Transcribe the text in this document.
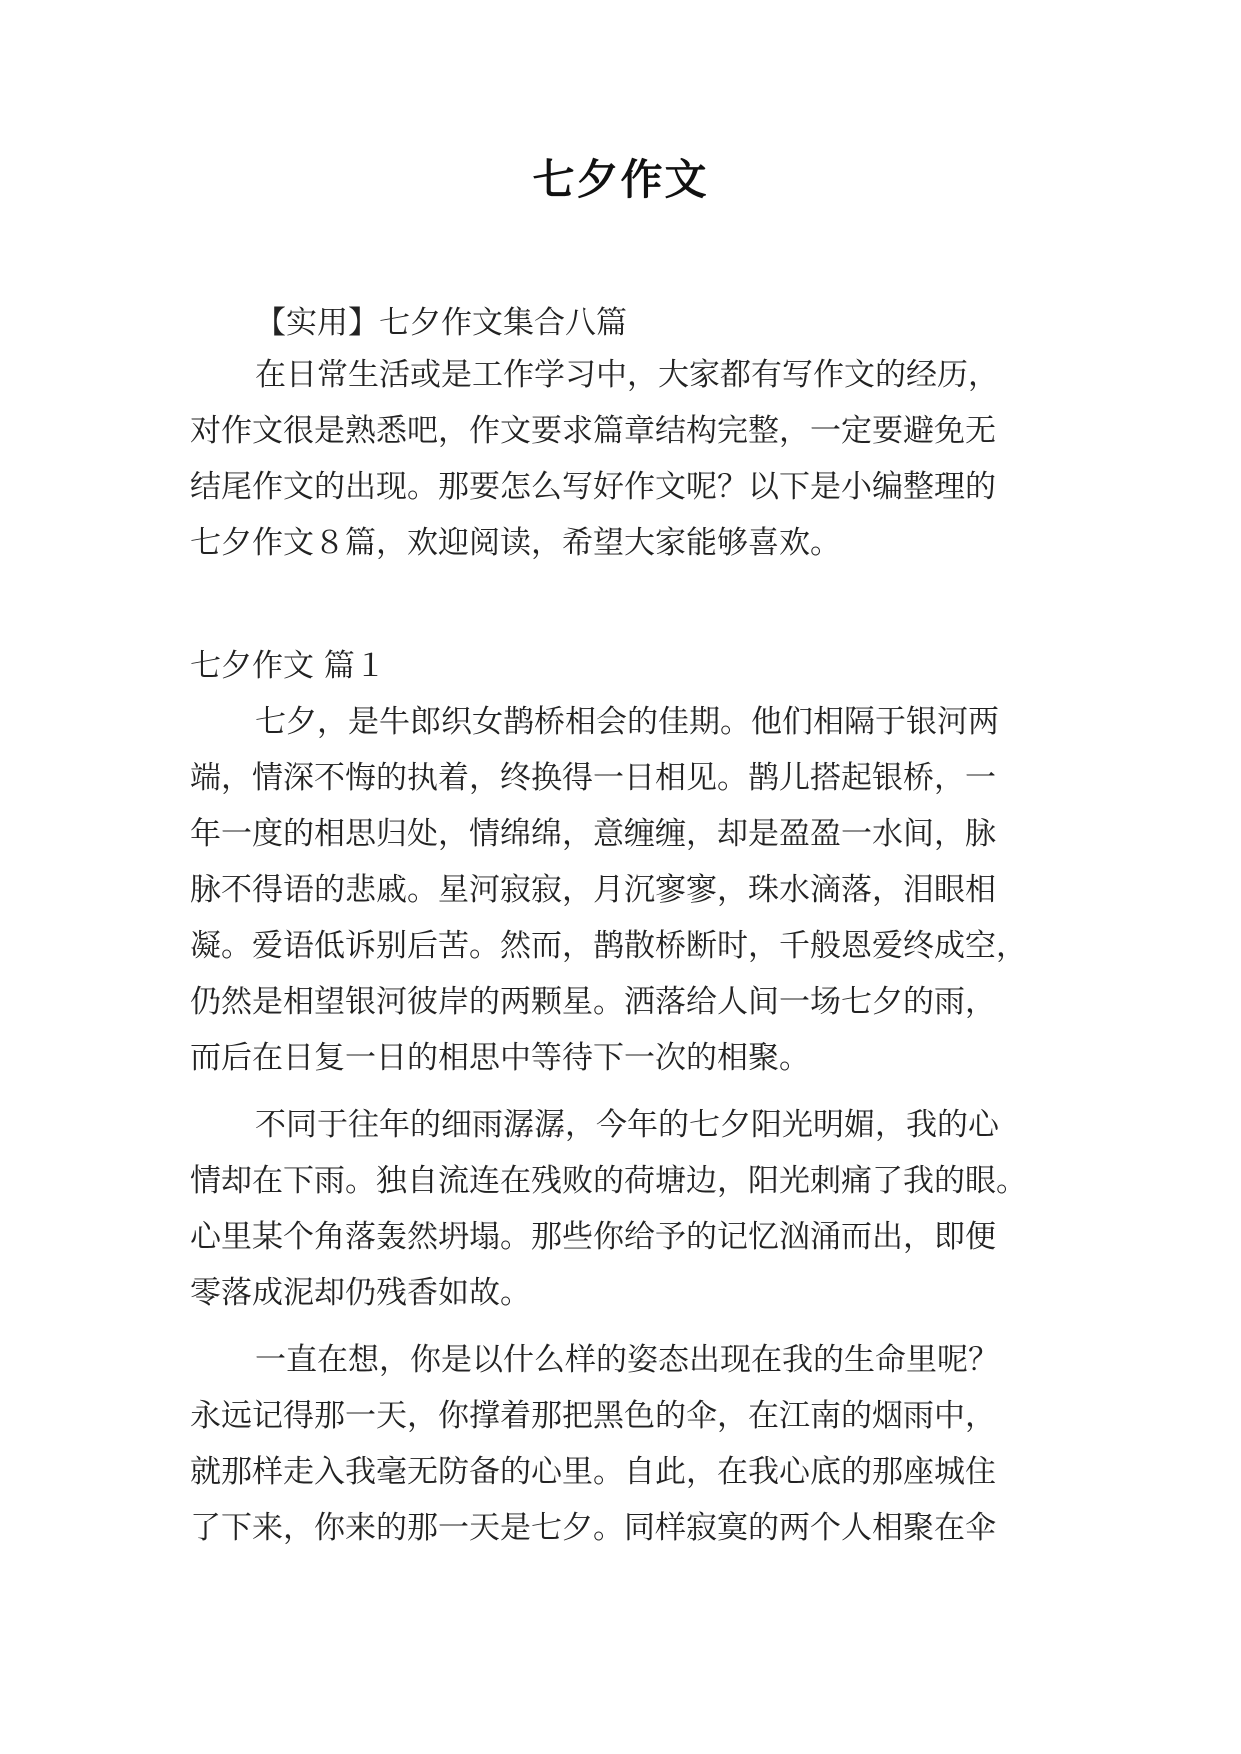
七夕作文
【实用】七夕作文集合八篇
在日常生活或是工作学习中，大家都有写作文的经历，
对作文很是熟悉吧，作文要求篇章结构完整，一定要避免无
结尾作文的出现。那要怎么写好作文呢？以下是小编整理的
七夕作文８篇，欢迎阅读，希望大家能够喜欢。
七夕作文 篇１
七夕，是牛郎织女鹊桥相会的佳期。他们相隔于银河两
端，情深不悔的执着，终换得一日相见。鹊儿搭起银桥，一
年一度的相思归处，情绵绵，意缠缠，却是盈盈一水间，脉
脉不得语的悲戚。星河寂寂，月沉寥寥，珠水滴落，泪眼相
凝。爱语低诉别后苦。然而，鹊散桥断时，千般恩爱终成空，
仍然是相望银河彼岸的两颗星。洒落给人间一场七夕的雨，
而后在日复一日的相思中等待下一次的相聚。
不同于往年的细雨潺潺，今年的七夕阳光明媚，我的心
情却在下雨。独自流连在残败的荷塘边，阳光刺痛了我的眼。
心里某个角落轰然坍塌。那些你给予的记忆汹涌而出，即便
零落成泥却仍残香如故。
一直在想，你是以什么样的姿态出现在我的生命里呢？
永远记得那一天，你撑着那把黑色的伞，在江南的烟雨中，
就那样走入我毫无防备的心里。自此，在我心底的那座城住
了下来，你来的那一天是七夕。同样寂寞的两个人相聚在伞
